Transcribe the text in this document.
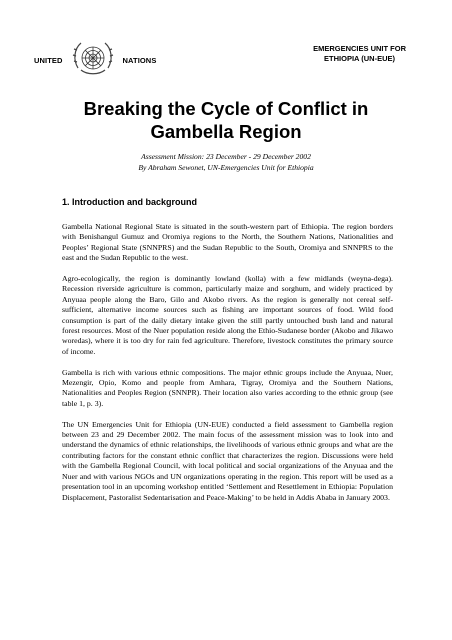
UNITED	NATIONS
EMERGENCIES UNIT FOR
ETHIOPIA (UN-EUE)
Breaking the Cycle of Conflict in
Gambella Region
Assessment Mission: 23 December - 29 December 2002
By Abraham Sewonet, UN-Emergencies Unit for Ethiopia
1. Introduction and background

Gambella National Regional State is situated in the south-western part of Ethiopia. The region borders with Benishangul Gumuz and Oromiya regions to the North, the Southern Nations, Nationalities and Peoples’ Regional State (SNNPRS) and the Sudan Republic to the South, Oromiya and SNNPRS to the east and the Sudan Republic to the west.

Agro-ecologically, the region is dominantly lowland (kolla) with a few midlands (weyna-dega). Recession riverside agriculture is common, particularly maize and sorghum, and widely practiced by Anyuaa people along the Baro, Gilo and Akobo rivers. As the region is generally not cereal self-sufficient, alternative income sources such as fishing are important sources of food. Wild food consumption is part of the daily dietary intake given the still partly untouched bush land and natural forest resources. Most of the Nuer population reside along the Ethio-Sudanese border (Akobo and Jikawo woredas), where it is too dry for rain fed agriculture. Therefore, livestock constitutes the primary source of income.

Gambella is rich with various ethnic compositions. The major ethnic groups include the Anyuaa, Nuer, Mezengir, Opio, Komo and people from Amhara, Tigray, Oromiya and the Southern Nations, Nationalities and Peoples Region (SNNPR). Their location also varies according to the ethnic group (see table 1, p. 3).

The UN Emergencies Unit for Ethiopia (UN-EUE) conducted a field assessment to Gambella region between 23 and 29 December 2002. The main focus of the assessment mission was to look into and understand the dynamics of ethnic relationships, the livelihoods of various ethnic groups and what are the contributing factors for the constant ethnic conflict that characterizes the region. Discussions were held with the Gambella Regional Council, with local political and social organizations of the Anyuaa and the Nuer and with various NGOs and UN organizations operating in the region. This report will be used as a presentation tool in an upcoming workshop entitled ‘Settlement and Resettlement in Ethiopia: Population Displacement, Pastoralist Sedentarisation and Peace-Making’ to be held in Addis Ababa in January 2003.
